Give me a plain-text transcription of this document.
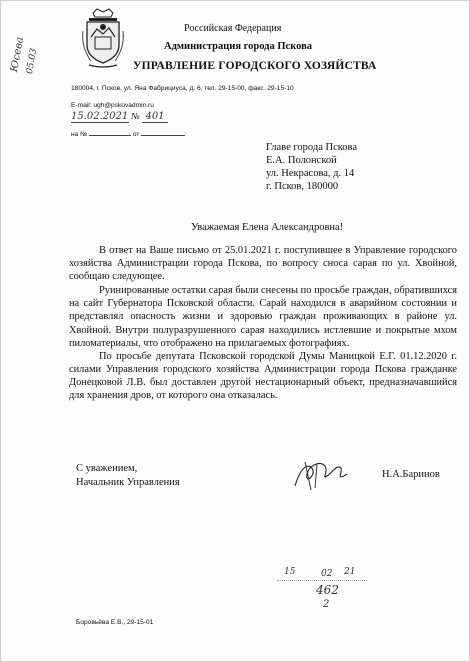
Юсева 05.03
Российская Федерация
Администрация города Пскова
УПРАВЛЕНИЕ ГОРОДСКОГО ХОЗЯЙСТВА
180004, г. Псков, ул. Яна Фабрициуса, д. 6, тел. 29-15-00, факс. 29-15-10
E-mail: ugh@pskovadmin.ru
15.02.2021 № 401
на №	от
Главе города Пскова
Е.А. Полонской
ул. Некрасова, д. 14
г. Псков, 180000
Уважаемая Елена Александровна!

В ответ на Ваше письмо от 25.01.2021 г. поступившее в Управление городского хозяйства Администрации города Пскова, по вопросу сноса сарая по ул. Хвойной, сообщаю следующее.

Руинированные остатки сарая были снесены по просьбе граждан, обратившихся на сайт Губернатора Псковской области. Сарай находился в аварийном состоянии и представлял опасность жизни и здоровью граждан проживающих в районе ул. Хвойной. Внутри полуразрушенного сарая находились истлевшие и покрытые мхом пиломатериалы, что отображено на прилагаемых фотографиях.

По просьбе депутата Псковской городской Думы Маницкой Е.Г. 01.12.2020 г. силами Управления городского хозяйства Администрации города Пскова гражданке Донецковой Л.В. был доставлен другой нестационарный объект, предназначавшийся для хранения дров, от которого она отказалась.

С уважением,
Начальник Управления
Н.А.Баринов
15	02 21
462
2
Боровьёва Е.В., 29-15-01
